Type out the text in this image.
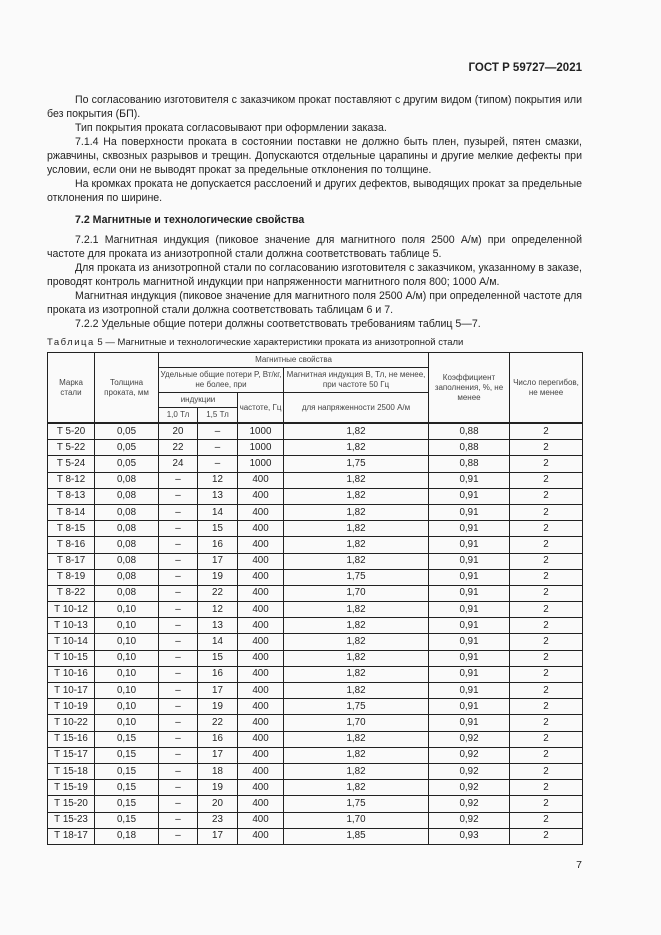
ГОСТ Р 59727—2021

По согласованию изготовителя с заказчиком прокат поставляют с другим видом (типом) покрытия или без покрытия (БП).

Тип покрытия проката согласовывают при оформлении заказа.

7.1.4 На поверхности проката в состоянии поставки не должно быть плен, пузырей, пятен смазки, ржавчины, сквозных разрывов и трещин. Допускаются отдельные царапины и другие мелкие дефекты при условии, если они не выводят прокат за предельные отклонения по толщине.

На кромках проката не допускается расслоений и других дефектов, выводящих прокат за предельные отклонения по ширине.

7.2 Магнитные и технологические свойства

7.2.1 Магнитная индукция (пиковое значение для магнитного поля 2500 А/м) при определенной частоте для проката из анизотропной стали должна соответствовать таблице 5.

Для проката из анизотропной стали по согласованию изготовителя с заказчиком, указанному в заказе, проводят контроль магнитной индукции при напряженности магнитного поля 800; 1000 А/м.

Магнитная индукция (пиковое значение для магнитного поля 2500 А/м) при определенной частоте для проката из изотропной стали должна соответствовать таблицам 6 и 7.

7.2.2 Удельные общие потери должны соответствовать требованиям таблиц 5—7.

Таблица 5 — Магнитные и технологические характеристики проката из анизотропной стали
Марка стали	Толщина проката, мм	Магнитные свойства				Коэффициент заполнения, %, не менее	Число перегибов, не менее
		Удельные общие потери P, Вт/кг, не более, при			Магнитная индукция B, Тл, не менее, при частоте 50 Гц		
		индукции		частоте, Гц	для напряженности 2500 А/м		
		1,0 Тл	1,5 Тл				
Т 5-20	0,05	20	–	1000	1,82	0,88	2
Т 5-22	0,05	22	–	1000	1,82	0,88	2
Т 5-24	0,05	24	–	1000	1,75	0,88	2
Т 8-12	0,08	–	12	400	1,82	0,91	2
Т 8-13	0,08	–	13	400	1,82	0,91	2
Т 8-14	0,08	–	14	400	1,82	0,91	2
Т 8-15	0,08	–	15	400	1,82	0,91	2
Т 8-16	0,08	–	16	400	1,82	0,91	2
Т 8-17	0,08	–	17	400	1,82	0,91	2
Т 8-19	0,08	–	19	400	1,75	0,91	2
Т 8-22	0,08	–	22	400	1,70	0,91	2
Т 10-12	0,10	–	12	400	1,82	0,91	2
Т 10-13	0,10	–	13	400	1,82	0,91	2
Т 10-14	0,10	–	14	400	1,82	0,91	2
Т 10-15	0,10	–	15	400	1,82	0,91	2
Т 10-16	0,10	–	16	400	1,82	0,91	2
Т 10-17	0,10	–	17	400	1,82	0,91	2
Т 10-19	0,10	–	19	400	1,75	0,91	2
Т 10-22	0,10	–	22	400	1,70	0,91	2
Т 15-16	0,15	–	16	400	1,82	0,92	2
Т 15-17	0,15	–	17	400	1,82	0,92	2
Т 15-18	0,15	–	18	400	1,82	0,92	2
Т 15-19	0,15	–	19	400	1,82	0,92	2
Т 15-20	0,15	–	20	400	1,75	0,92	2
Т 15-23	0,15	–	23	400	1,70	0,92	2
Т 18-17	0,18	–	17	400	1,85	0,93	2
7
